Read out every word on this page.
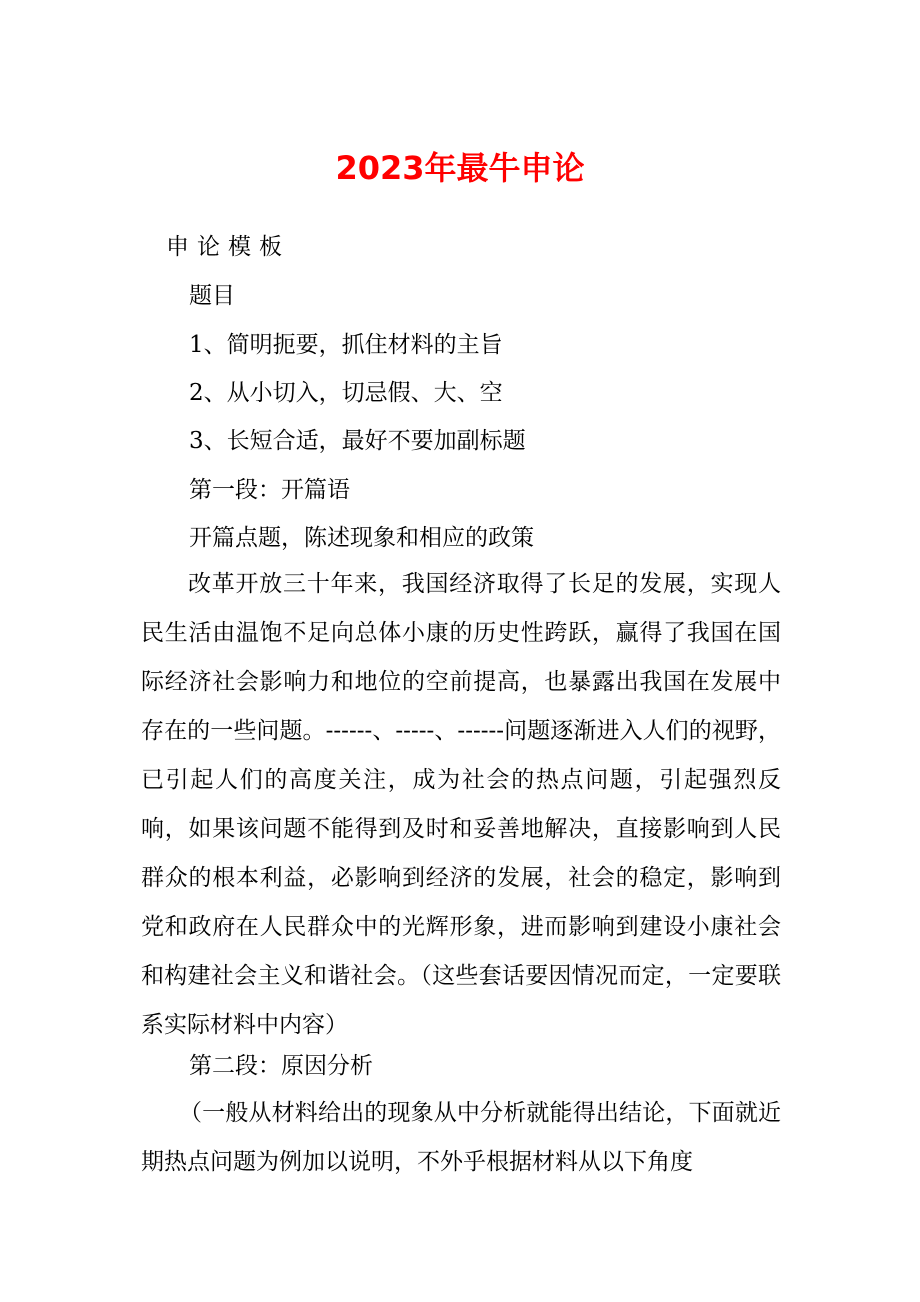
2023年最牛申论
申论模板
题目
1、简明扼要，抓住材料的主旨
2、从小切入，切忌假、大、空
3、长短合适，最好不要加副标题
第一段：开篇语
开篇点题，陈述现象和相应的政策

改革开放三十年来，我国经济取得了长足的发展，实现人民生活由温饱不足向总体小康的历史性跨跃，赢得了我国在国际经济社会影响力和地位的空前提高，也暴露出我国在发展中存在的一些问题。------、-----、------问题逐渐进入人们的视野，已引起人们的高度关注，成为社会的热点问题，引起强烈反响，如果该问题不能得到及时和妥善地解决，直接影响到人民群众的根本利益，必影响到经济的发展，社会的稳定，影响到党和政府在人民群众中的光辉形象，进而影响到建设小康社会和构建社会主义和谐社会。（这些套话要因情况而定，一定要联系实际材料中内容）

第二段：原因分析

（一般从材料给出的现象从中分析就能得出结论，下面就近期热点问题为例加以说明，不外乎根据材料从以下角度
